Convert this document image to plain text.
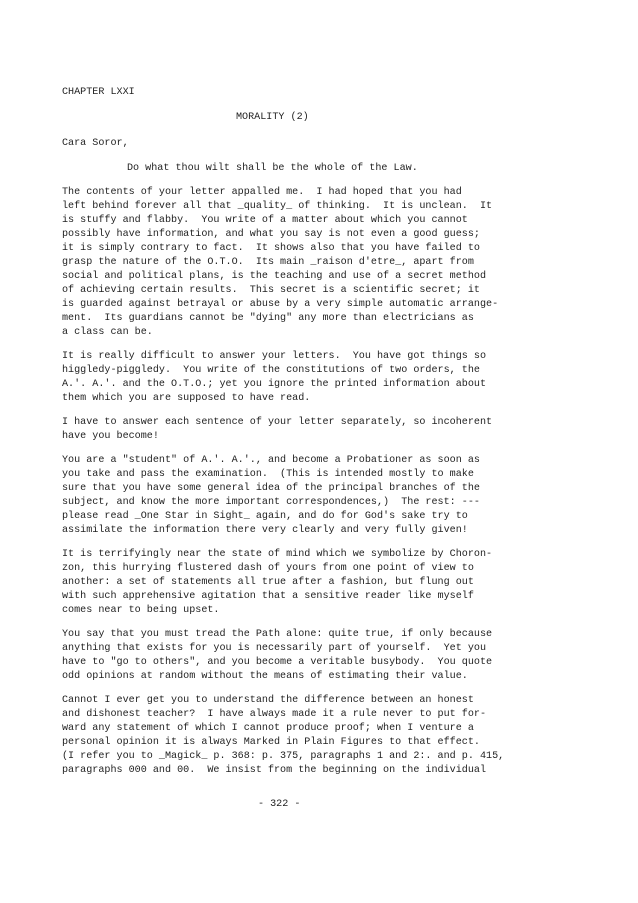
CHAPTER LXXI
MORALITY (2)
Cara Soror,
Do what thou wilt shall be the whole of the Law.
The contents of your letter appalled me.  I had hoped that you had
left behind forever all that _quality_ of thinking.  It is unclean.  It
is stuffy and flabby.  You write of a matter about which you cannot
possibly have information, and what you say is not even a good guess;
it is simply contrary to fact.  It shows also that you have failed to
grasp the nature of the O.T.O.  Its main _raison d'etre_, apart from
social and political plans, is the teaching and use of a secret method
of achieving certain results.  This secret is a scientific secret; it
is guarded against betrayal or abuse by a very simple automatic arrange-
ment.  Its guardians cannot be "dying" any more than electricians as
a class can be.
It is really difficult to answer your letters.  You have got things so
higgledy-piggledy.  You write of the constitutions of two orders, the
A.'. A.'. and the O.T.O.; yet you ignore the printed information about
them which you are supposed to have read.
I have to answer each sentence of your letter separately, so incoherent
have you become!
You are a "student" of A.'. A.'., and become a Probationer as soon as
you take and pass the examination.  (This is intended mostly to make
sure that you have some general idea of the principal branches of the
subject, and know the more important correspondences,)  The rest: ---
please read _One Star in Sight_ again, and do for God's sake try to
assimilate the information there very clearly and very fully given!
It is terrifyingly near the state of mind which we symbolize by Choron-
zon, this hurrying flustered dash of yours from one point of view to
another: a set of statements all true after a fashion, but flung out
with such apprehensive agitation that a sensitive reader like myself
comes near to being upset.
You say that you must tread the Path alone: quite true, if only because
anything that exists for you is necessarily part of yourself.  Yet you
have to "go to others", and you become a veritable busybody.  You quote
odd opinions at random without the means of estimating their value.
Cannot I ever get you to understand the difference between an honest
and dishonest teacher?  I have always made it a rule never to put for-
ward any statement of which I cannot produce proof; when I venture a
personal opinion it is always Marked in Plain Figures to that effect.
(I refer you to _Magick_ p. 368: p. 375, paragraphs 1 and 2:. and p. 415,
paragraphs 000 and 00.  We insist from the beginning on the individual
- 322 -
